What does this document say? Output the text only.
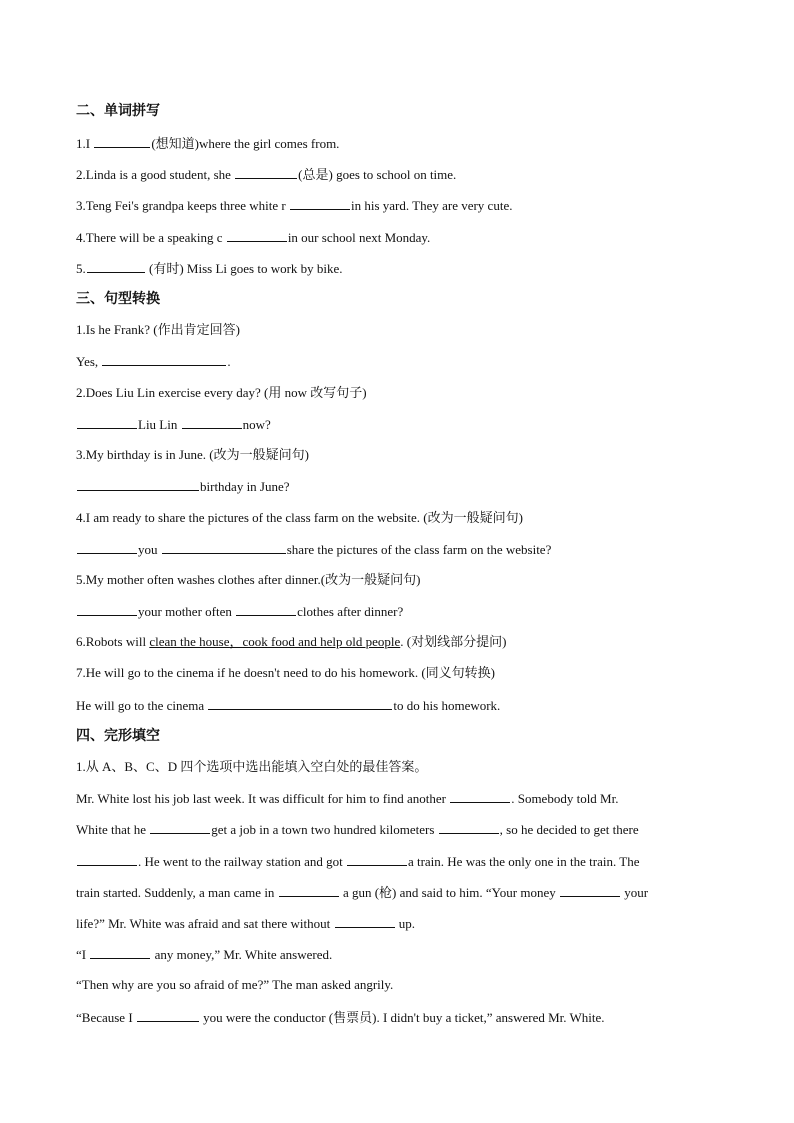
二、单词拼写
1.I	(想知道)where the girl comes from.
2.Linda is a good student, she	(总是) goes to school on time.
3.Teng Fei's grandpa keeps three white r	in his yard. They are very cute.
4.There will be a speaking c	in our school next Monday.
5.	(有时) Miss Li goes to work by bike.
三、句型转换
1.Is he Frank? (作出肯定回答)
Yes,	.
2.Does Liu Lin exercise every day? (用 now 改写句子)
Liu Lin	now?
3.My birthday is in June. (改为一般疑问句)
birthday in June?
4.I am ready to share the pictures of the class farm on the website. (改为一般疑问句)
you	share the pictures of the class farm on the website?
5.My mother often washes clothes after dinner.(改为一般疑问句)
your mother often	clothes after dinner?
6.Robots will clean the house，cook food and help old people. (对划线部分提问)
7.He will go to the cinema if he doesn't need to do his homework. (同义句转换)
He will go to the cinema	to do his homework.
四、完形填空
1.从 A、B、C、D 四个选项中选出能填入空白处的最佳答案。
Mr. White lost his job last week. It was difficult for him to find another	. Somebody told Mr.
White that he	get a job in a town two hundred kilometers	, so he decided to get there
. He went to the railway station and got	a train. He was the only one in the train. The
train started. Suddenly, a man came in	a gun (枪) and said to him. “Your money	your
life?” Mr. White was afraid and sat there without	up.
“I	any money,” Mr. White answered.
“Then why are you so afraid of me?” The man asked angrily.
“Because I	you were the conductor (售票员). I didn't buy a ticket,” answered Mr. White.
